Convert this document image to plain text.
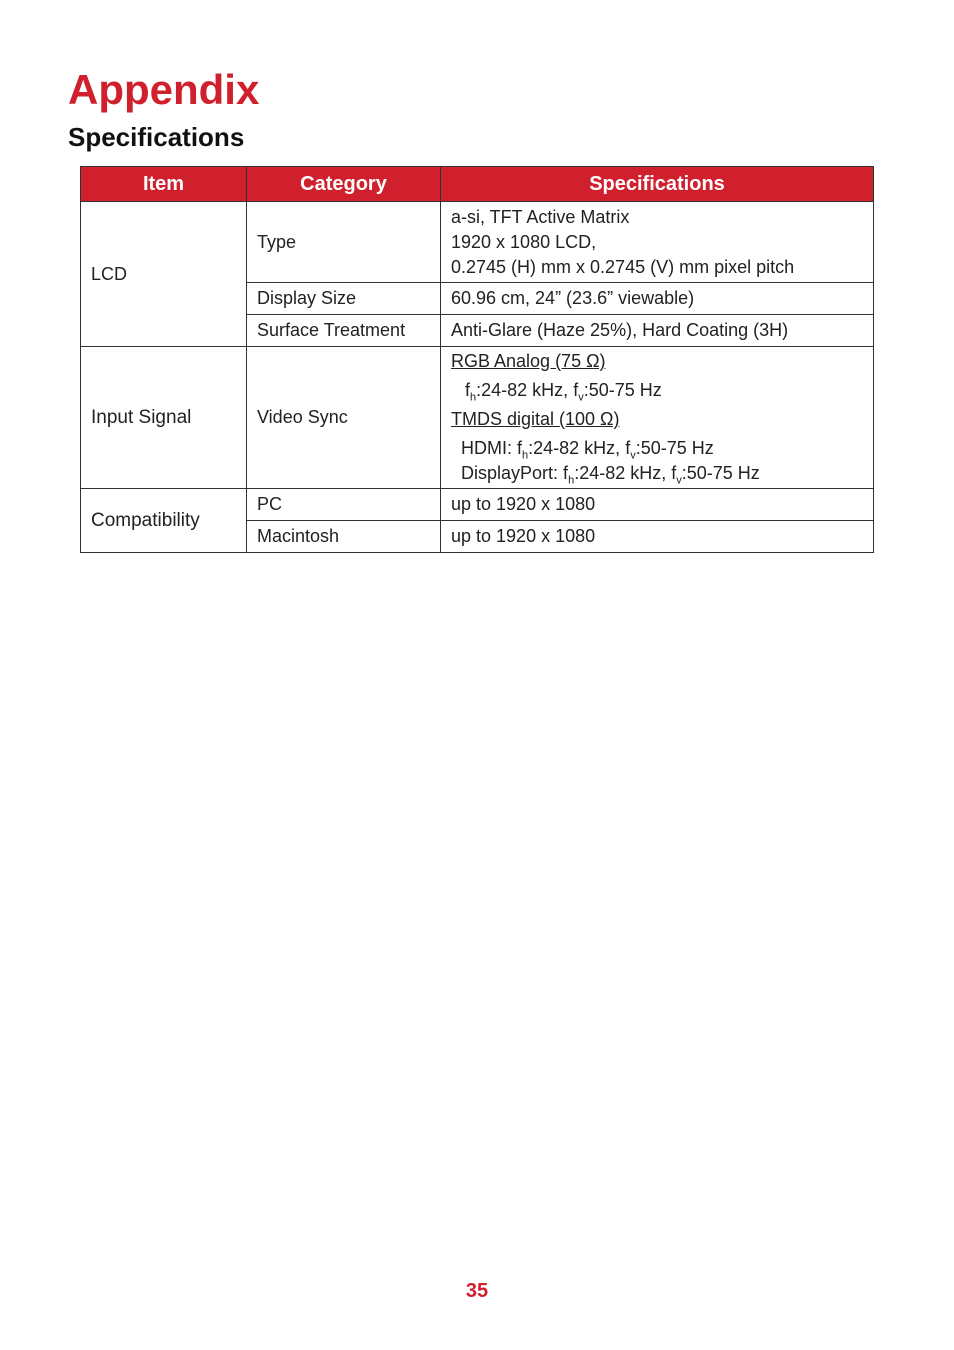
Appendix
Specifications
Item	Category	Specifications
LCD	Type	a-si, TFT Active Matrix
1920 x 1080 LCD,
0.2745 (H) mm x 0.2745 (V) mm pixel pitch

	Display Size	60.96 cm, 24” (23.6” viewable)
	Surface Treatment	Anti-Glare (Haze 25%), Hard Coating (3H)
Input Signal	Video Sync	RGB Analog (75 Ω)
$f_h:24-82$ kHz, $f_v:50-75$ Hz
TMDS digital (100 Ω)
HDMI: $f_h:24-82$ kHz, $f_v:50-75$ Hz
DisplayPort: $f_h:24-82$ kHz, $f_v:50-75$ Hz

Compatibility	PC	up to 1920 x 1080
	Macintosh	up to 1920 x 1080
35
